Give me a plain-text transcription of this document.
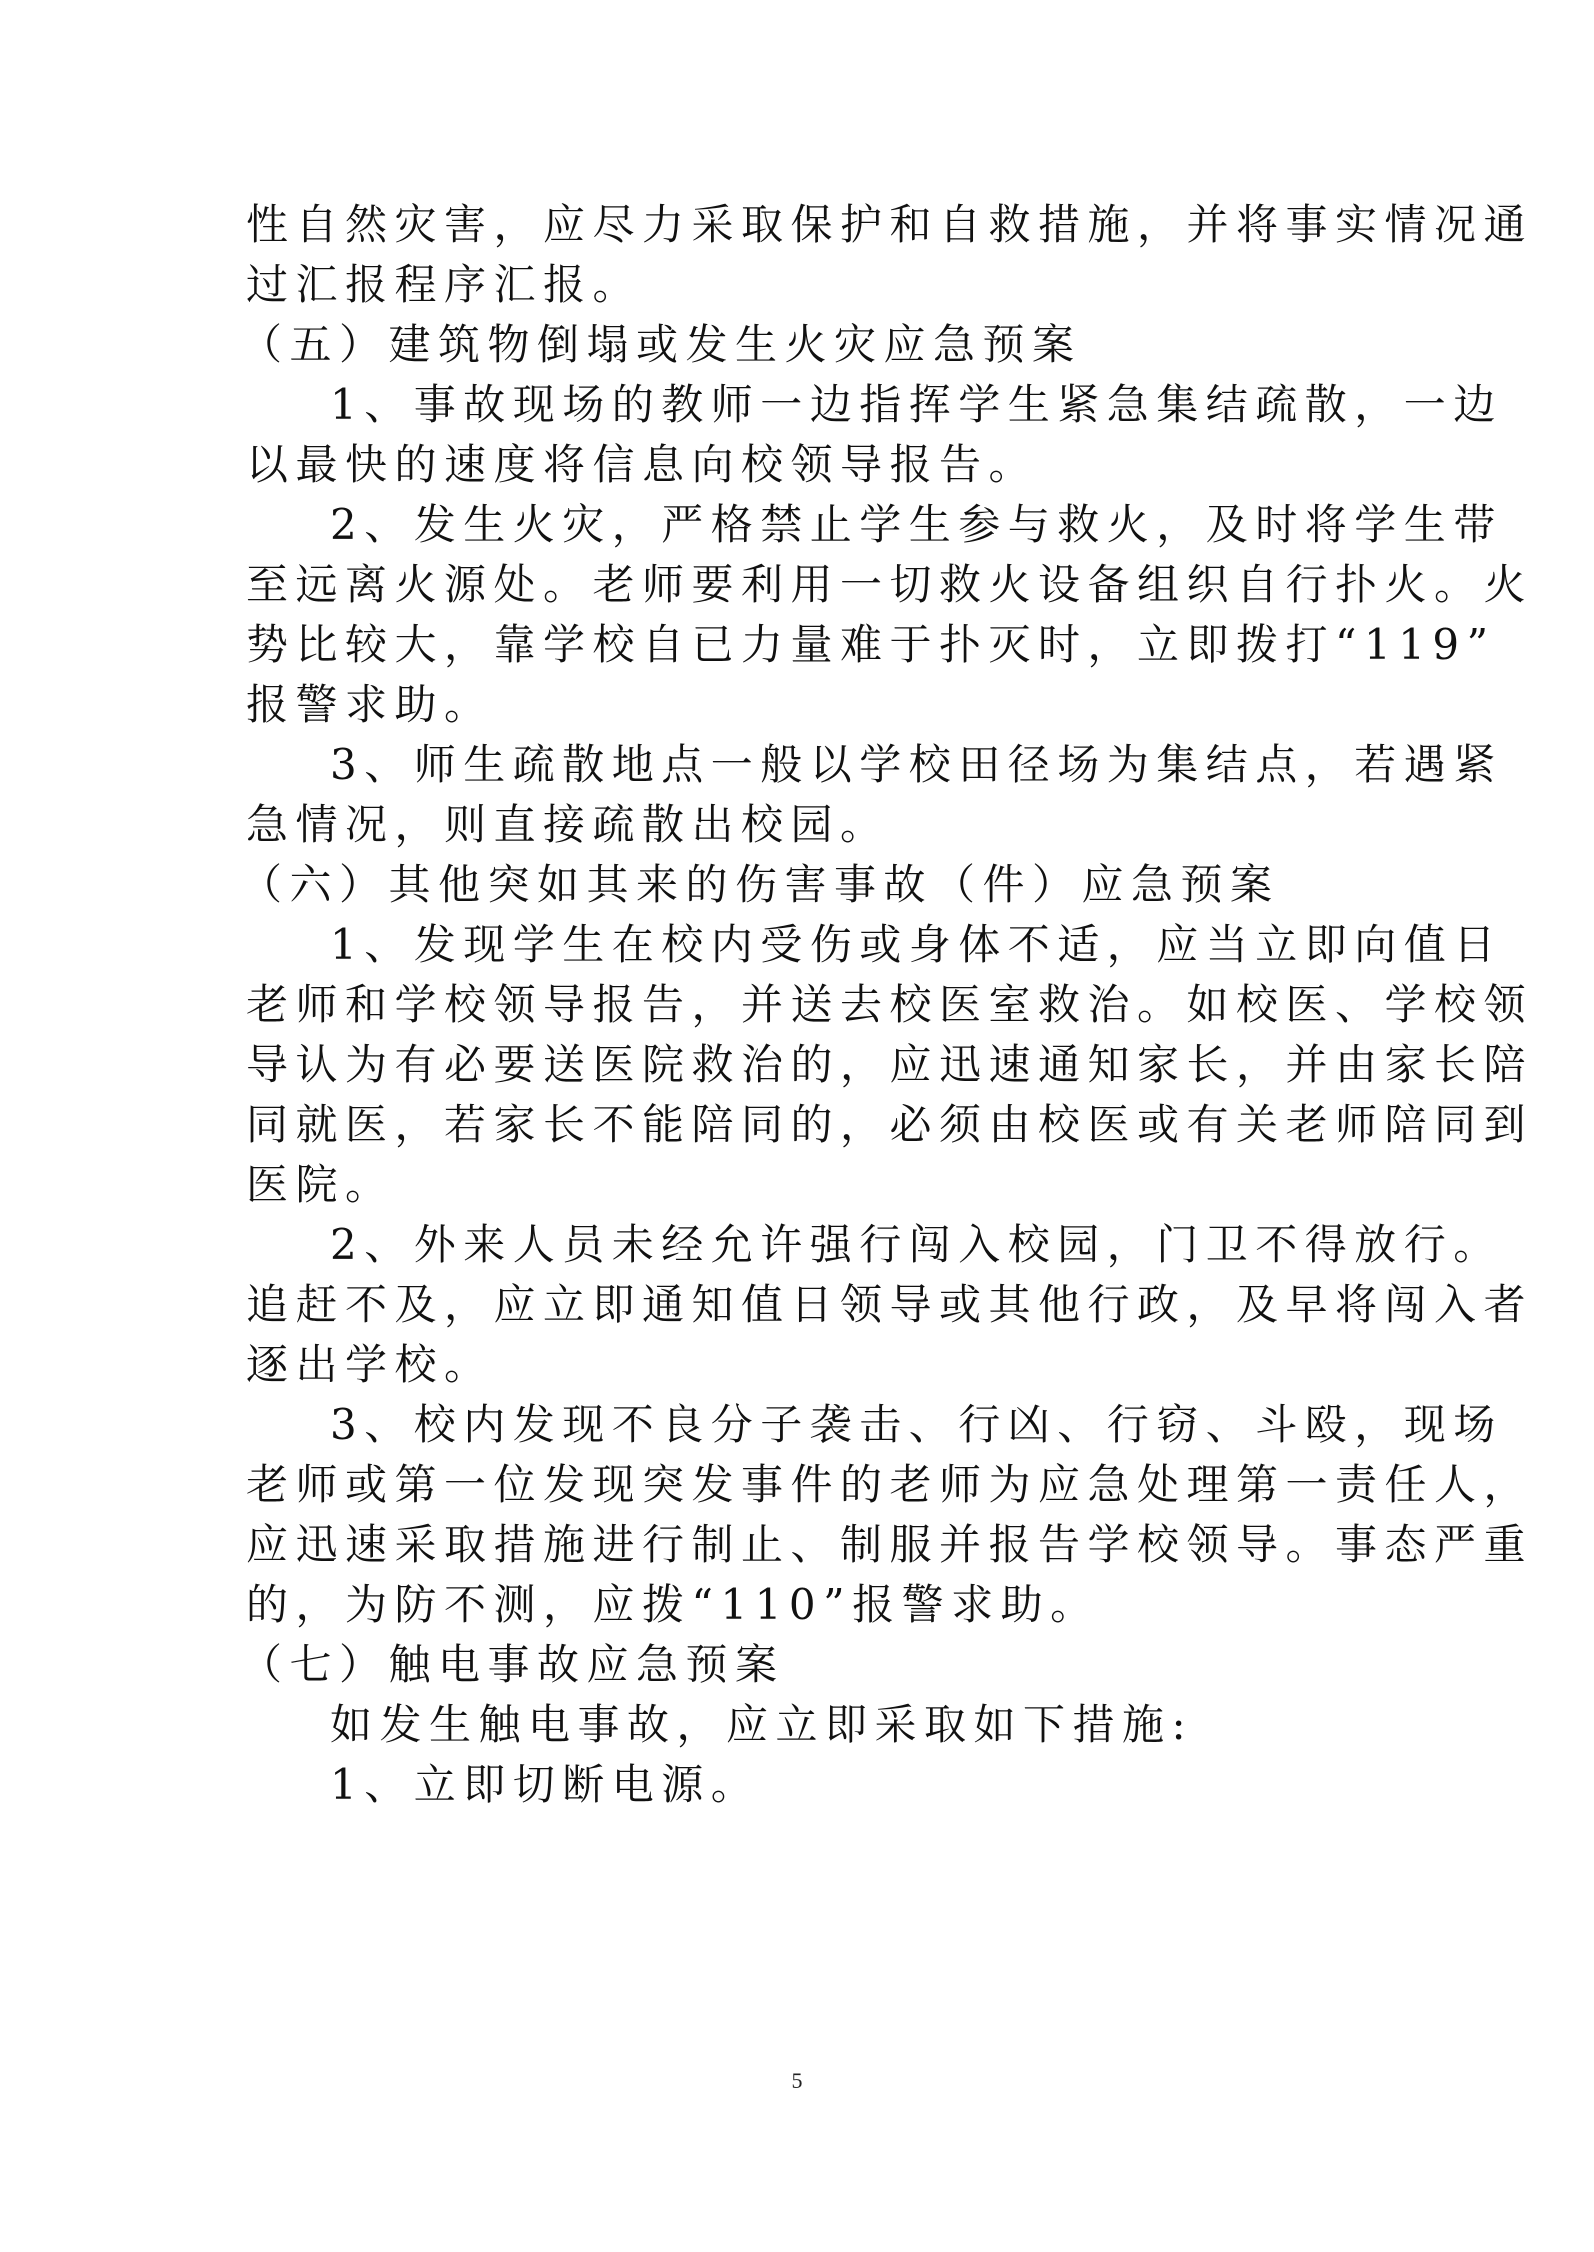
性自然灾害，应尽力采取保护和自救措施，并将事实情况通
过汇报程序汇报。
（五）建筑物倒塌或发生火灾应急预案
1、事故现场的教师一边指挥学生紧急集结疏散，一边
以最快的速度将信息向校领导报告。
2、发生火灾，严格禁止学生参与救火，及时将学生带
至远离火源处。老师要利用一切救火设备组织自行扑火。火
势比较大，靠学校自已力量难于扑灭时，立即拨打“119”
报警求助。
3、师生疏散地点一般以学校田径场为集结点，若遇紧
急情况，则直接疏散出校园。
（六）其他突如其来的伤害事故（件）应急预案
1、发现学生在校内受伤或身体不适，应当立即向值日
老师和学校领导报告，并送去校医室救治。如校医、学校领
导认为有必要送医院救治的，应迅速通知家长，并由家长陪
同就医，若家长不能陪同的，必须由校医或有关老师陪同到
医院。
2、外来人员未经允许强行闯入校园，门卫不得放行。
追赶不及，应立即通知值日领导或其他行政，及早将闯入者
逐出学校。
3、校内发现不良分子袭击、行凶、行窃、斗殴，现场
老师或第一位发现突发事件的老师为应急处理第一责任人，
应迅速采取措施进行制止、制服并报告学校领导。事态严重
的，为防不测，应拨“110”报警求助。
（七）触电事故应急预案
如发生触电事故，应立即采取如下措施:
1、立即切断电源。
5
